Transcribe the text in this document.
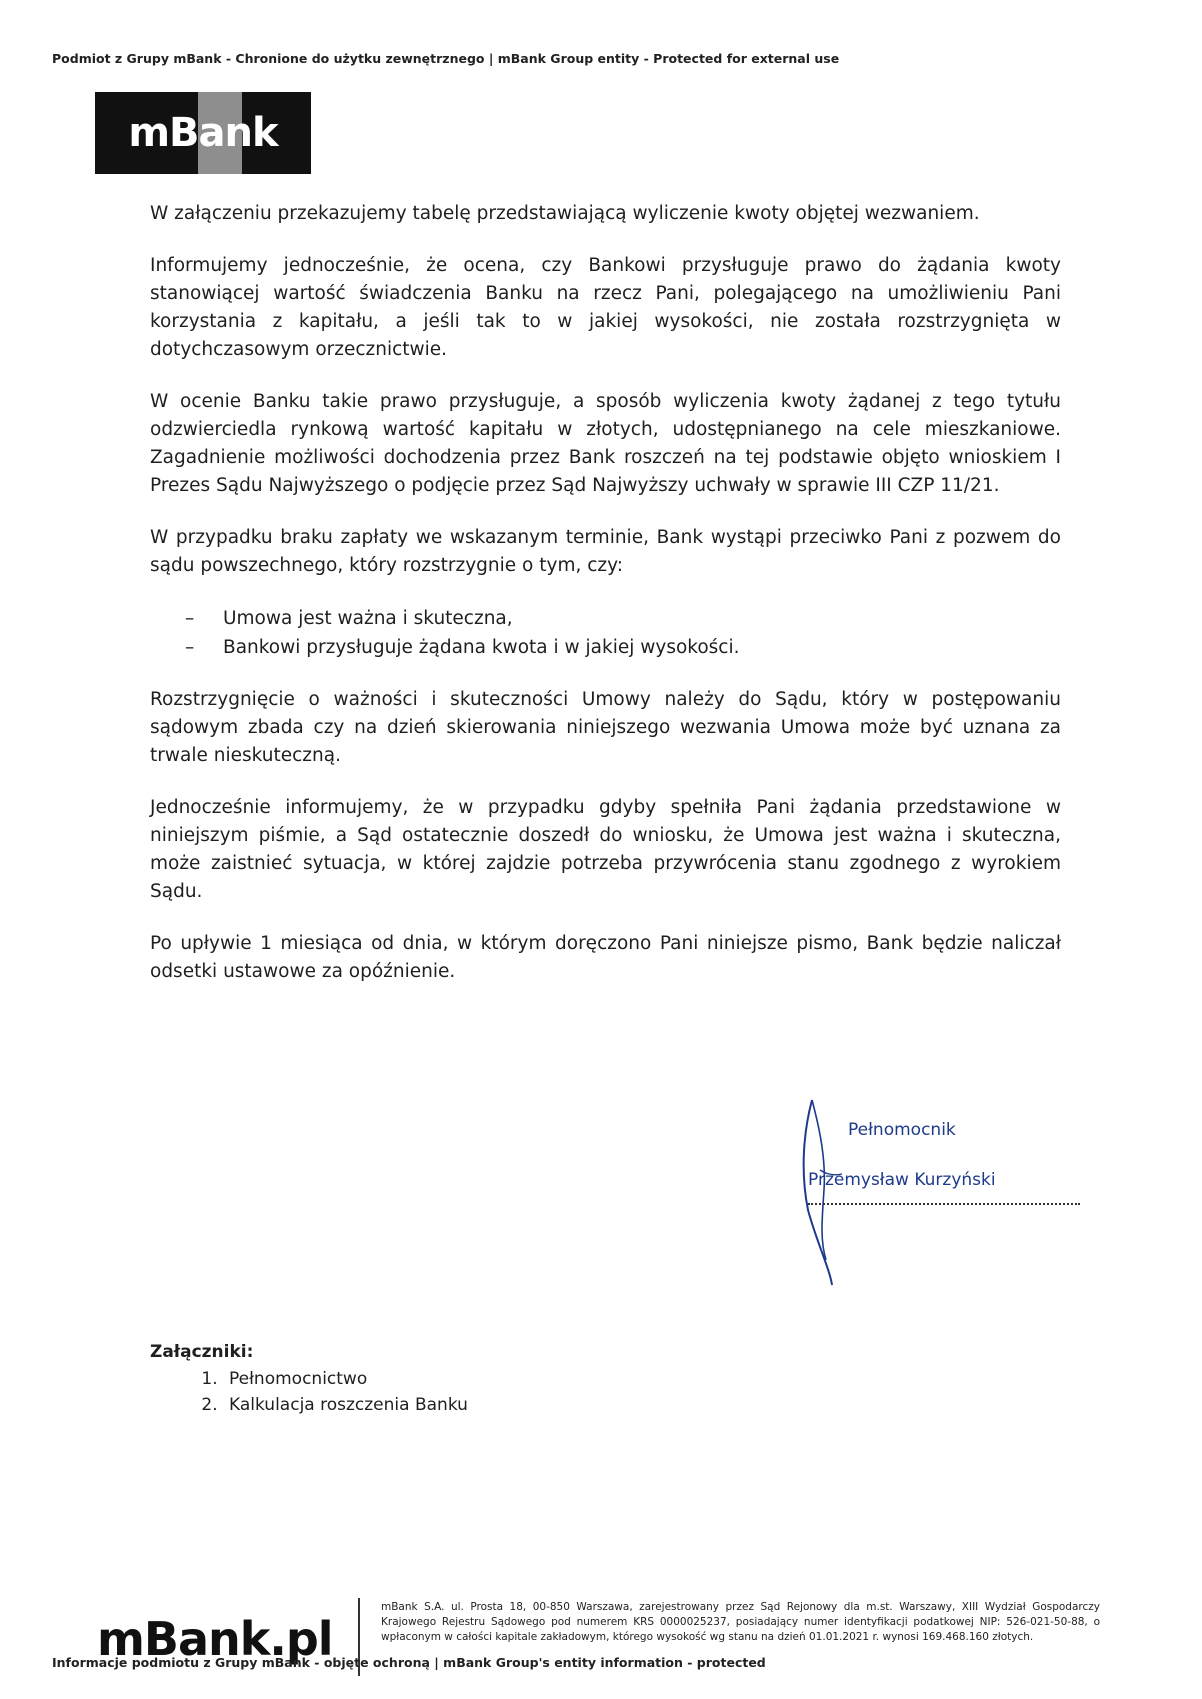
Podmiot z Grupy mBank - Chronione do użytku zewnętrznego | mBank Group entity - Protected for external use
mBank

W załączeniu przekazujemy tabelę przedstawiającą wyliczenie kwoty objętej wezwaniem.

Informujemy jednocześnie, że ocena, czy Bankowi przysługuje prawo do żądania kwoty stanowiącej wartość świadczenia Banku na rzecz Pani, polegającego na umożliwieniu Pani korzystania z kapitału, a jeśli tak to w jakiej wysokości, nie została rozstrzygnięta w dotychczasowym orzecznictwie.

W ocenie Banku takie prawo przysługuje, a sposób wyliczenia kwoty żądanej z tego tytułu odzwierciedla rynkową wartość kapitału w złotych, udostępnianego na cele mieszkaniowe. Zagadnienie możliwości dochodzenia przez Bank roszczeń na tej podstawie objęto wnioskiem I Prezes Sądu Najwyższego o podjęcie przez Sąd Najwyższy uchwały w sprawie III CZP 11/21.

W przypadku braku zapłaty we wskazanym terminie, Bank wystąpi przeciwko Pani z pozwem do sądu powszechnego, który rozstrzygnie o tym, czy:

– Umowa jest ważna i skuteczna,
– Bankowi przysługuje żądana kwota i w jakiej wysokości.

Rozstrzygnięcie o ważności i skuteczności Umowy należy do Sądu, który w postępowaniu sądowym zbada czy na dzień skierowania niniejszego wezwania Umowa może być uznana za trwale nieskuteczną.

Jednocześnie informujemy, że w przypadku gdyby spełniła Pani żądania przedstawione w niniejszym piśmie, a Sąd ostatecznie doszedł do wniosku, że Umowa jest ważna i skuteczna, może zaistnieć sytuacja, w której zajdzie potrzeba przywrócenia stanu zgodnego z wyrokiem Sądu.

Po upływie 1 miesiąca od dnia, w którym doręczono Pani niniejsze pismo, Bank będzie naliczał odsetki ustawowe za opóźnienie.

Pełnomocnik
Przemysław Kurzyński
Załączniki:
1. Pełnomocnictwo
2. Kalkulacja roszczenia Banku
mBank.pl
mBank S.A. ul. Prosta 18, 00-850 Warszawa, zarejestrowany przez Sąd Rejonowy dla m.st. Warszawy, XIII Wydział Gospodarczy Krajowego Rejestru Sądowego pod numerem KRS 0000025237, posiadający numer identyfikacji podatkowej NIP: 526-021-50-88, o wpłaconym w całości kapitale zakładowym, którego wysokość wg stanu na dzień 01.01.2021 r. wynosi 169.468.160 złotych.
Informacje podmiotu z Grupy mBank - objęte ochroną | mBank Group's entity information - protected
